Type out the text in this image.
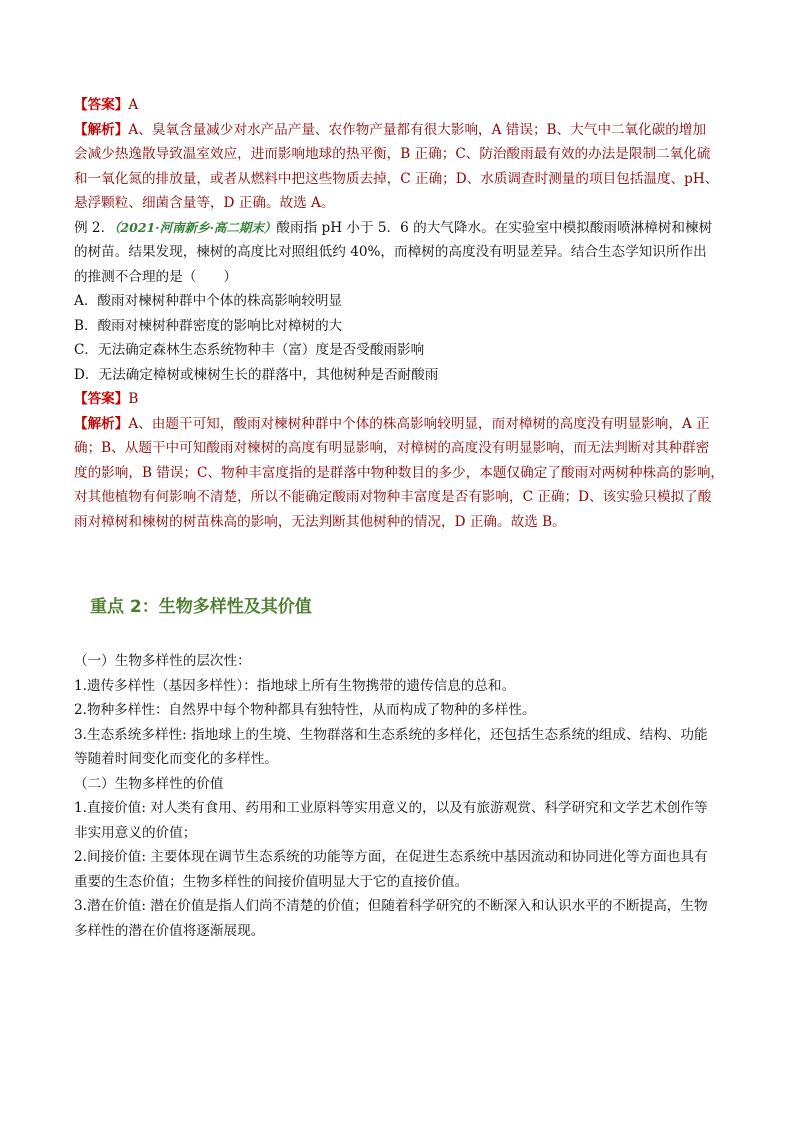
【答案】A
【解析】A、臭氧含量减少对水产品产量、农作物产量都有很大影响，A 错误；B、大气中二氧化碳的增加
会减少热逸散导致温室效应，进而影响地球的热平衡，B 正确；C、防治酸雨最有效的办法是限制二氧化硫
和一氧化氮的排放量，或者从燃料中把这些物质去掉，C 正确；D、水质调查时测量的项目包括温度、pH、
悬浮颗粒、细菌含量等，D 正确。故选 A。
例 2．（2021·河南新乡·高二期末）酸雨指 pH 小于 5．6 的大气降水。在实验室中模拟酸雨喷淋樟树和楝树
的树苗。结果发现，楝树的高度比对照组低约 40%，而樟树的高度没有明显差异。结合生态学知识所作出
的推测不合理的是（　　）
A．酸雨对楝树种群中个体的株高影响较明显
B．酸雨对楝树种群密度的影响比对樟树的大
C．无法确定森林生态系统物种丰（富）度是否受酸雨影响
D．无法确定樟树或楝树生长的群落中，其他树种是否耐酸雨
【答案】B
【解析】A、由题干可知，酸雨对楝树种群中个体的株高影响较明显，而对樟树的高度没有明显影响，A 正
确；B、从题干中可知酸雨对楝树的高度有明显影响，对樟树的高度没有明显影响，而无法判断对其种群密
度的影响，B 错误；C、物种丰富度指的是群落中物种数目的多少，本题仅确定了酸雨对两树种株高的影响，
对其他植物有何影响不清楚，所以不能确定酸雨对物种丰富度是否有影响，C 正确；D、该实验只模拟了酸
雨对樟树和楝树的树苗株高的影响，无法判断其他树种的情况，D 正确。故选 B。
重点 2：生物多样性及其价值
（一）生物多样性的层次性：
1.遗传多样性（基因多样性）：指地球上所有生物携带的遗传信息的总和。
2.物种多样性：自然界中每个物种都具有独特性，从而构成了物种的多样性。
3.生态系统多样性: 指地球上的生境、生物群落和生态系统的多样化，还包括生态系统的组成、结构、功能
等随着时间变化而变化的多样性。
（二）生物多样性的价值
1.直接价值: 对人类有食用、药用和工业原料等实用意义的，以及有旅游观赏、科学研究和文学艺术创作等
非实用意义的价值；
2.间接价值: 主要体现在调节生态系统的功能等方面，在促进生态系统中基因流动和协同进化等方面也具有
重要的生态价值；生物多样性的间接价值明显大于它的直接价值。
3.潜在价值: 潜在价值是指人们尚不清楚的价值；但随着科学研究的不断深入和认识水平的不断提高，生物
多样性的潜在价值将逐渐展现。
